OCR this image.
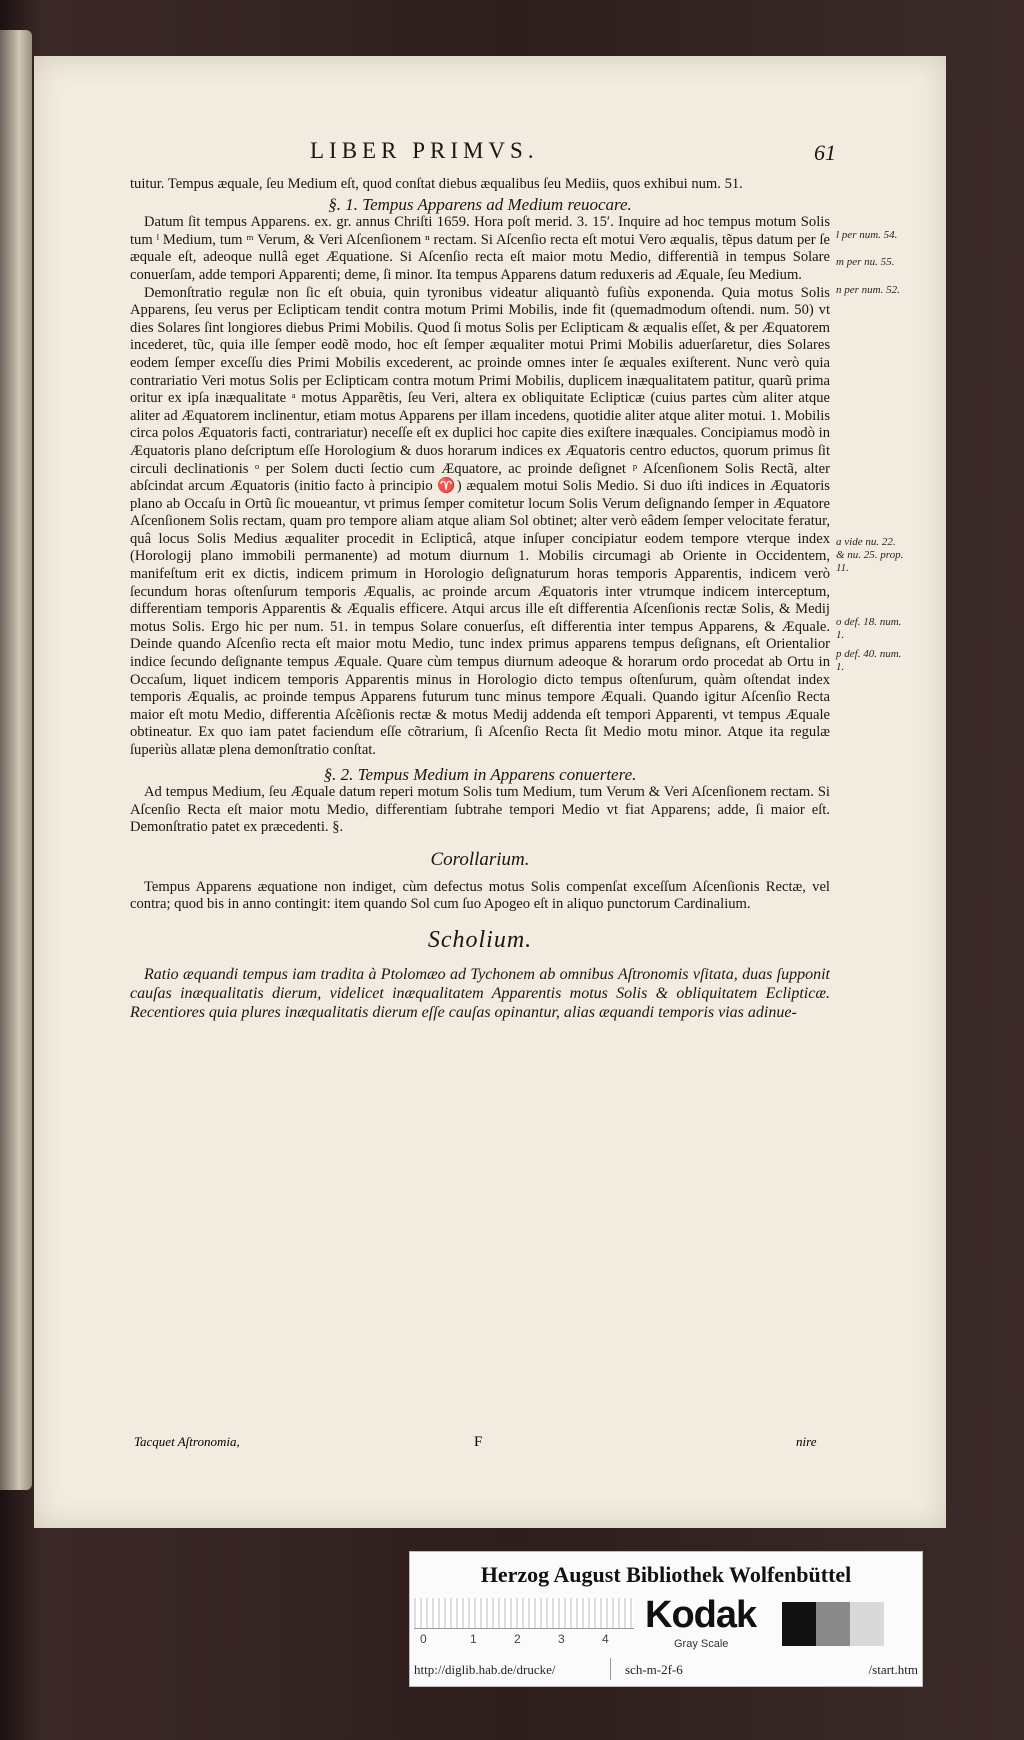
LIBER PRIMVS.	61

tuitur. Tempus æquale, ſeu Medium eſt, quod conſtat diebus æqualibus ſeu Mediis, quos exhibui num. 51.

§. 1. Tempus Apparens ad Medium reuocare.

Datum ſit tempus Apparens. ex. gr. annus Chriſti 1659. Hora poſt merid. 3. 15′. Inquire ad hoc tempus motum Solis tum ˡ Medium, tum ᵐ Verum, & Veri Aſcenſionem ⁿ rectam. Si Aſcenſio recta eſt motui Vero æqualis, tẽpus datum per ſe æquale eſt, adeoque nullâ eget Æquatione. Si Aſcenſio recta eſt maior motu Medio, differentiã in tempus Solare conuerſam, adde tempori Apparenti; deme, ſi minor. Ita tempus Apparens datum reduxeris ad Æquale, ſeu Medium.

Demonſtratio regulæ non ſic eſt obuia, quin tyronibus videatur aliquantò fuſiùs exponenda. Quia motus Solis Apparens, ſeu verus per Eclipticam tendit contra motum Primi Mobilis, inde fit (quemadmodum oſtendi. num. 50) vt dies Solares ſint longiores diebus Primi Mobilis. Quod ſi motus Solis per Eclipticam & æqualis eſſet, & per Æquatorem incederet, tũc, quia ille ſemper eodẽ modo, hoc eſt ſemper æqualiter motui Primi Mobilis aduerſaretur, dies Solares eodem ſemper exceſſu dies Primi Mobilis excederent, ac proinde omnes inter ſe æquales exiſterent. Nunc verò quia contrariatio Veri motus Solis per Eclipticam contra motum Primi Mobilis, duplicem inæqualitatem patitur, quarũ prima oritur ex ipſa inæqualitate ᵃ motus Apparẽtis, ſeu Veri, altera ex obliquitate Eclipticæ (cuius partes cùm aliter atque aliter ad Æquatorem inclinentur, etiam motus Apparens per illam incedens, quotidie aliter atque aliter motui. 1. Mobilis circa polos Æquatoris facti, contrariatur) neceſſe eſt ex duplici hoc capite dies exiſtere inæquales. Concipiamus modò in Æquatoris plano deſcriptum eſſe Horologium & duos horarum indices ex Æquatoris centro eductos, quorum primus ſit circuli declinationis ᵒ per Solem ducti ſectio cum Æquatore, ac proinde deſignet ᵖ Aſcenſionem Solis Rectã, alter abſcindat arcum Æquatoris (initio facto à principio ♈) æqualem motui Solis Medio. Si duo iſti indices in Æquatoris plano ab Occaſu in Ortũ ſic moueantur, vt primus ſemper comitetur locum Solis Verum deſignando ſemper in Æquatore Aſcenſionem Solis rectam, quam pro tempore aliam atque aliam Sol obtinet; alter verò eâdem ſemper velocitate feratur, quâ locus Solis Medius æqualiter procedit in Eclipticâ, atque inſuper concipiatur eodem tempore vterque index (Horologij plano immobili permanente) ad motum diurnum 1. Mobilis circumagi ab Oriente in Occidentem, manifeſtum erit ex dictis, indicem primum in Horologio deſignaturum horas temporis Apparentis, indicem verò ſecundum horas oſtenſurum temporis Æqualis, ac proinde arcum Æquatoris inter vtrumque indicem interceptum, differentiam temporis Apparentis & Æqualis efficere. Atqui arcus ille eſt differentia Aſcenſionis rectæ Solis, & Medij motus Solis. Ergo hic per num. 51. in tempus Solare conuerſus, eſt differentia inter tempus Apparens, & Æquale. Deinde quando Aſcenſio recta eſt maior motu Medio, tunc index primus apparens tempus deſignans, eſt Orientalior indice ſecundo deſignante tempus Æquale. Quare cùm tempus diurnum adeoque & horarum ordo procedat ab Ortu in Occaſum, liquet indicem temporis Apparentis minus in Horologio dicto tempus oſtenſurum, quàm oſtendat index temporis Æqualis, ac proinde tempus Apparens futurum tunc minus tempore Æquali. Quando igitur Aſcenſio Recta maior eſt motu Medio, differentia Aſcẽſionis rectæ & motus Medij addenda eſt tempori Apparenti, vt tempus Æquale obtineatur. Ex quo iam patet faciendum eſſe cõtrarium, ſi Aſcenſio Recta ſit Medio motu minor. Atque ita regulæ ſuperiùs allatæ plena demonſtratio conſtat.

§. 2. Tempus Medium in Apparens conuertere.

Ad tempus Medium, ſeu Æquale datum reperi motum Solis tum Medium, tum Verum & Veri Aſcenſionem rectam. Si Aſcenſio Recta eſt maior motu Medio, differentiam ſubtrahe tempori Medio vt fiat Apparens; adde, ſi maior eſt. Demonſtratio patet ex præcedenti. §.

Corollarium.

Tempus Apparens æquatione non indiget, cùm defectus motus Solis compenſat exceſſum Aſcenſionis Rectæ, vel contra; quod bis in anno contingit: item quando Sol cum ſuo Apogeo eſt in aliquo punctorum Cardinalium.

Scholium.

Ratio æquandi tempus iam tradita à Ptolomæo ad Tychonem ab omnibus Aſtronomis vſitata, duas ſupponit cauſas inæqualitatis dierum, videlicet inæqualitatem Apparentis motus Solis & obliquitatem Eclipticæ. Recentiores quia plures inæqualitatis dierum eſſe cauſas opinantur, alias æquandi temporis vias adinue-

l per num. 54.
m per nu. 55.
n per num. 52.
a vide nu. 22. & nu. 25. prop. 11.
o def. 18. num. 1.
p def. 40. num. 1.
Tacquet Aſtronomia,	F	nire
Herzog August Bibliothek Wolfenbüttel
0	1	2	3	4
Kodak
Gray Scale
http://diglib.hab.de/drucke/	sch-m-2f-6	/start.htm
